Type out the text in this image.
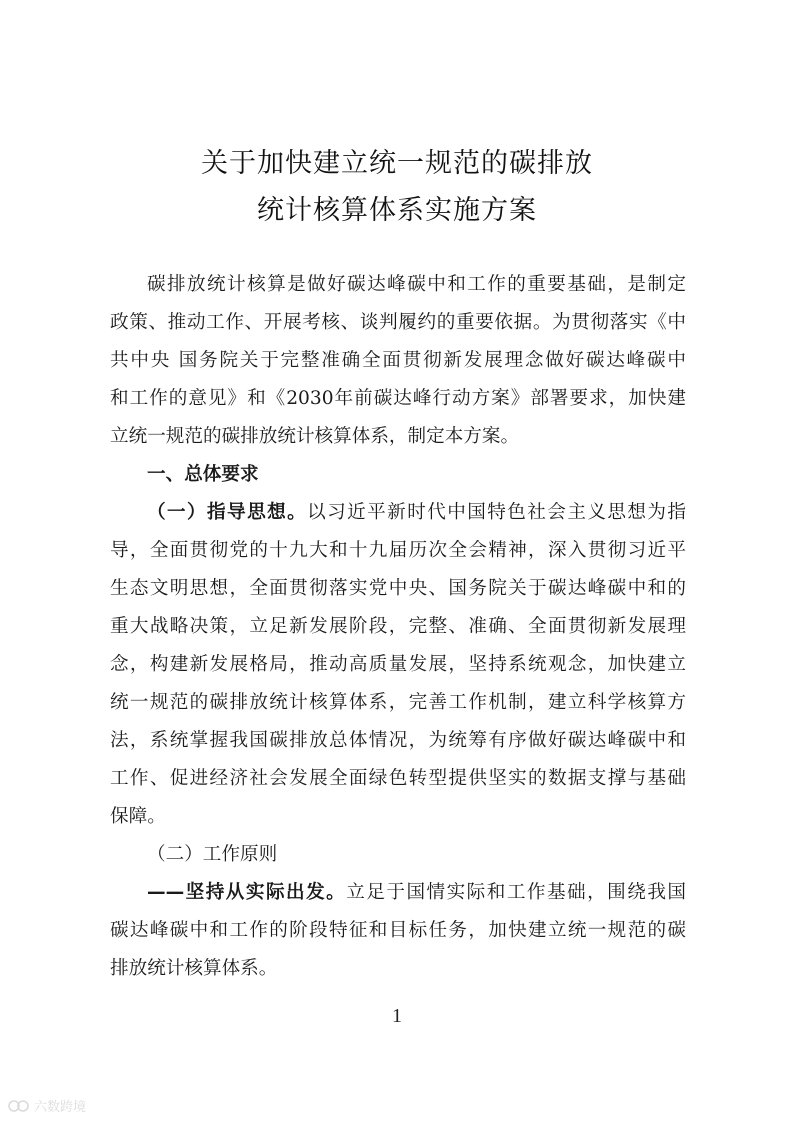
关于加快建立统一规范的碳排放
统计核算体系实施方案
碳排放统计核算是做好碳达峰碳中和工作的重要基础，是制定
政策、推动工作、开展考核、谈判履约的重要依据。为贯彻落实《中
共中央 国务院关于完整准确全面贯彻新发展理念做好碳达峰碳中
和工作的意见》和《2030年前碳达峰行动方案》部署要求，加快建
立统一规范的碳排放统计核算体系，制定本方案。
一、总体要求
（一）指导思想。以习近平新时代中国特色社会主义思想为指
导，全面贯彻党的十九大和十九届历次全会精神，深入贯彻习近平
生态文明思想，全面贯彻落实党中央、国务院关于碳达峰碳中和的
重大战略决策，立足新发展阶段，完整、准确、全面贯彻新发展理
念，构建新发展格局，推动高质量发展，坚持系统观念，加快建立
统一规范的碳排放统计核算体系，完善工作机制，建立科学核算方
法，系统掌握我国碳排放总体情况，为统筹有序做好碳达峰碳中和
工作、促进经济社会发展全面绿色转型提供坚实的数据支撑与基础
保障。
（二）工作原则
——坚持从实际出发。立足于国情实际和工作基础，围绕我国
碳达峰碳中和工作的阶段特征和目标任务，加快建立统一规范的碳
排放统计核算体系。
1
六数跨境
